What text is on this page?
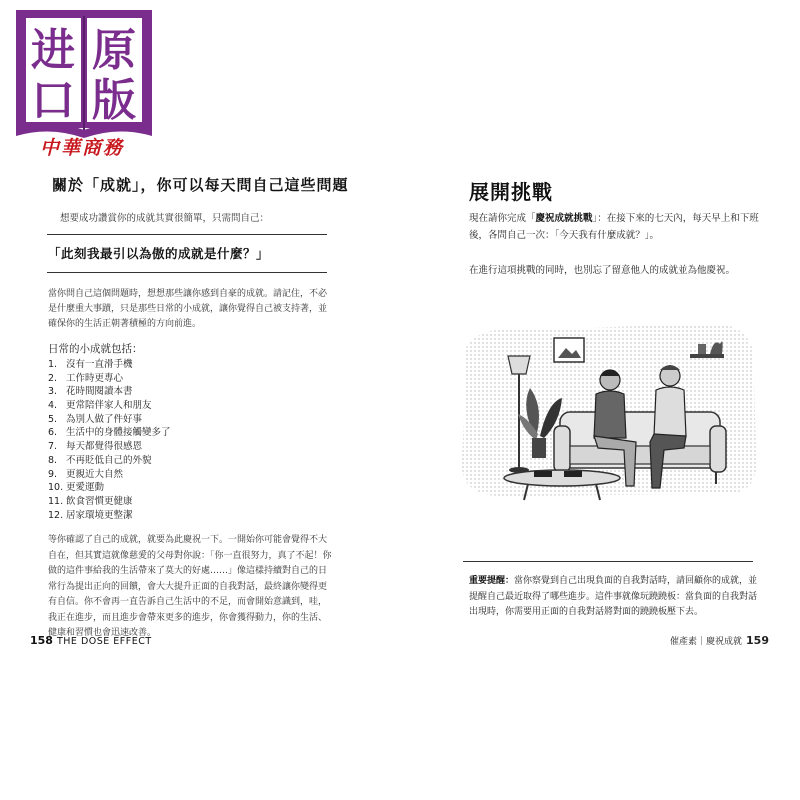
进 原
口 版
中華商務
關於「成就」，你可以每天問自己這些問題
想要成功讚賞你的成就其實很簡單，只需問自己：
「此刻我最引以為傲的成就是什麼？」
當你問自己這個問題時，想想那些讓你感到自豪的成就。請記住，不必是什麼重大事蹟，只是那些日常的小成就，讓你覺得自己被支持著，並確保你的生活正朝著積極的方向前進。
日常的小成就包括：
1. 沒有一直滑手機
2. 工作時更專心
3. 花時間閱讀本書
4. 更常陪伴家人和朋友
5. 為別人做了件好事
6. 生活中的身體接觸變多了
7. 每天都覺得很感恩
8. 不再貶低自己的外貌
9. 更親近大自然
10. 更愛運動
11. 飲食習慣更健康
12. 居家環境更整潔
等你確認了自己的成就，就要為此慶祝一下。一開始你可能會覺得不大自在，但其實這就像慈愛的父母對你說：「你一直很努力，真了不起！你做的這件事給我的生活帶來了莫大的好處……」像這樣持續對自己的日常行為提出正向的回饋，會大大提升正面的自我對話，最終讓你變得更有自信。你不會再一直告訴自己生活中的不足，而會開始意識到，哇，我正在進步，而且進步會帶來更多的進步，你會獲得動力，你的生活、健康和習慣也會迅速改善。
158 THE DOSE EFFECT
展開挑戰
現在請你完成「慶祝成就挑戰」：在接下來的七天內，每天早上和下班後，各問自己一次：「今天我有什麼成就？」。
在進行這項挑戰的同時，也別忘了留意他人的成就並為他慶祝。
重要提醒：當你察覺到自己出現負面的自我對話時，請回顧你的成就，並提醒自己最近取得了哪些進步。這件事就像玩蹺蹺板：當負面的自我對話出現時，你需要用正面的自我對話將對面的蹺蹺板壓下去。
催產素｜慶祝成就 159
